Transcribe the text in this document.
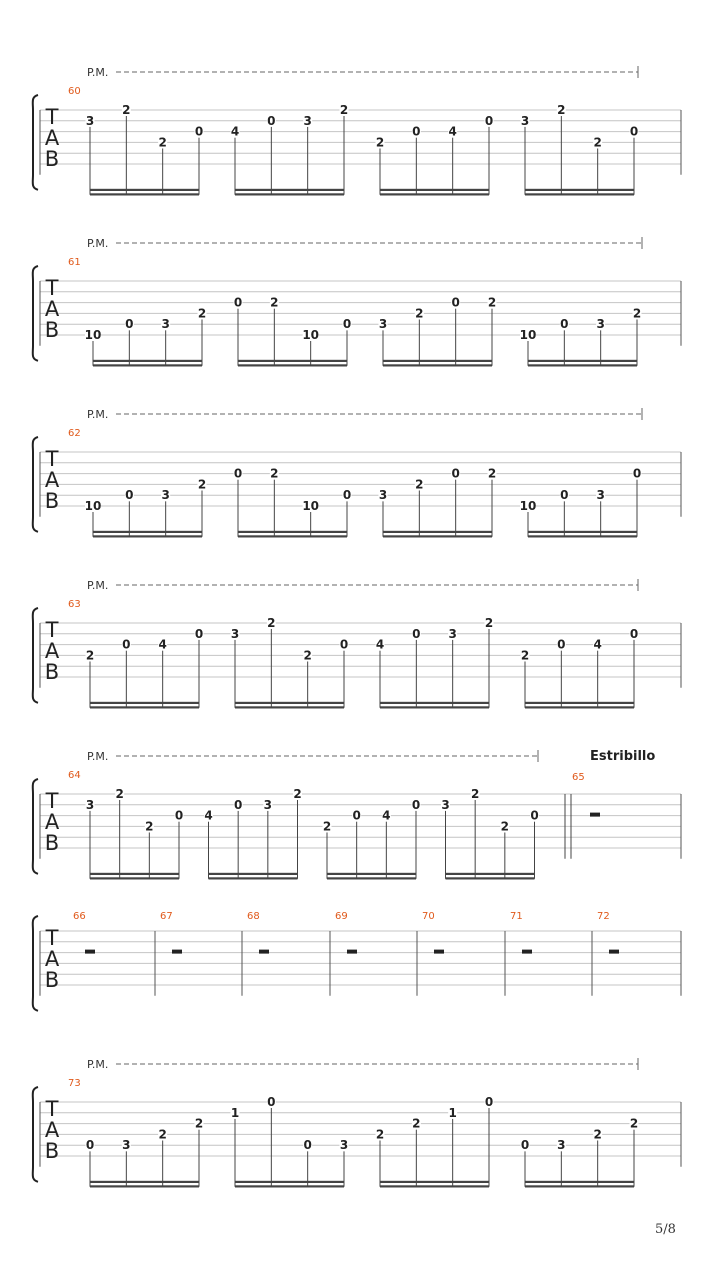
T
A
B
P.M.
60
3
2
2
0 4
0 3
2
2
0 4
0 3
2
2
0
T
A
B
P.M.
61
10
0 3
2
0 2
10
0 3
2
0 2
10
0 3
2
T
A
B
P.M.
62
10
0 3
2
0 2
10
0 3
2
0 2
10
0 3
0
T
A
B
P.M.
63
2
0 4
0 3
2
2
0 4
0 3
2
2
0 4
0
T
A
B
P.M.	Estribillo
64
3
2
2
0 4
0 3
2
2
0 4
0 3
2
2
0
65
T
A
B
66	67	68	69	70	71	72
T
A
B
P.M.
73
0 3
2
2
1
0
0 3
2
2
1
0
0 3
2
2
5/8
